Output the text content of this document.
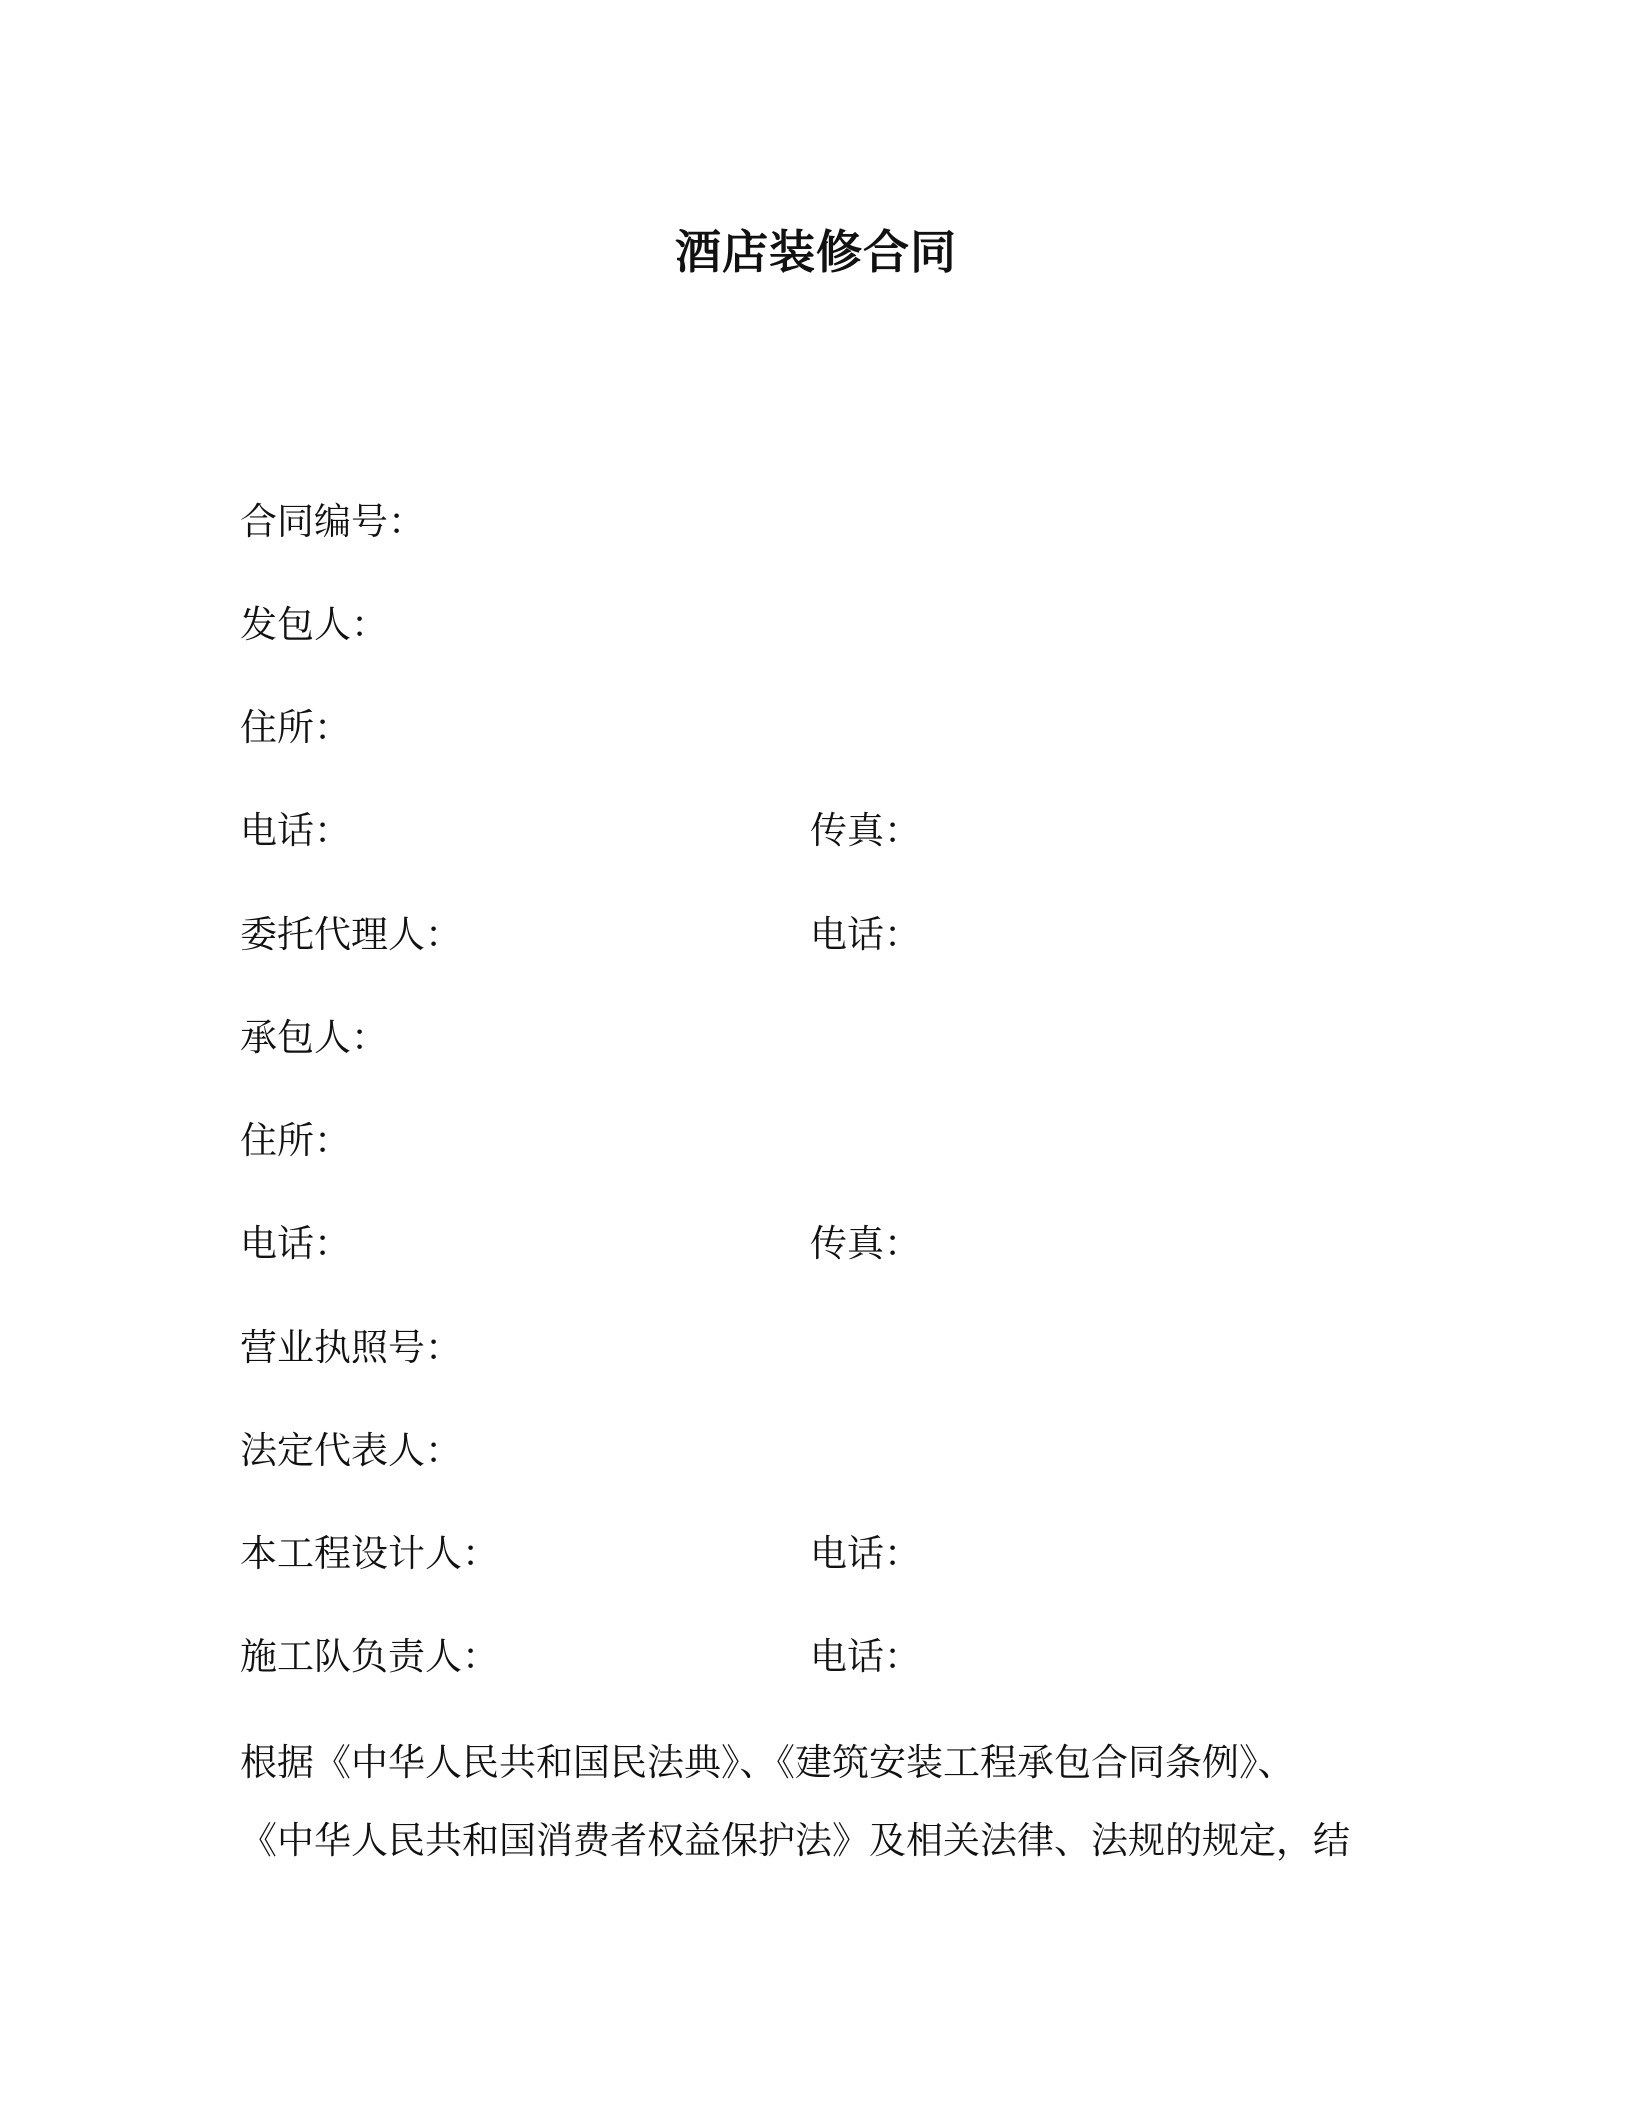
酒店装修合同
合同编号：
发包人：
住所：
电话：	传真：
委托代理人：	电话：
承包人：
住所：
电话：	传真：
营业执照号：
法定代表人：
本工程设计人：	电话：
施工队负责人：	电话：
根据《中华人民共和国民法典》、《建筑安装工程承包合同条例》、
《中华人民共和国消费者权益保护法》及相关法律、法规的规定，结
